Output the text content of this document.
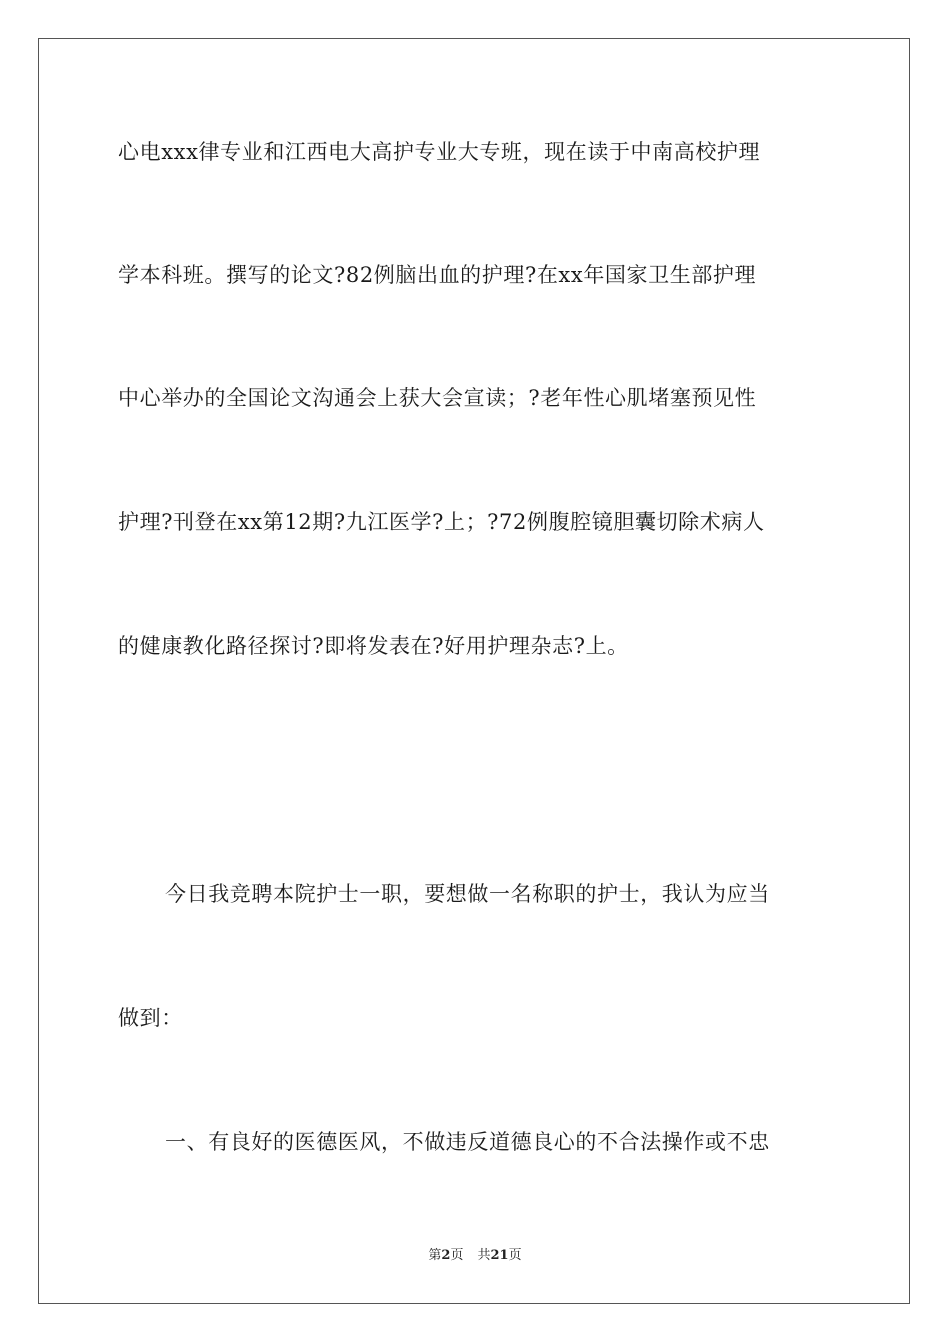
心电xxx律专业和江西电大高护专业大专班，现在读于中南高校护理
学本科班。撰写的论文?82例脑出血的护理?在xx年国家卫生部护理
中心举办的全国论文沟通会上获大会宣读；?老年性心肌堵塞预见性
护理?刊登在xx第12期?九江医学?上；?72例腹腔镜胆囊切除术病人
的健康教化路径探讨?即将发表在?好用护理杂志?上。
今日我竞聘本院护士一职，要想做一名称职的护士，我认为应当
做到：
一、有良好的医德医风，不做违反道德良心的不合法操作或不忠
第2页 共21页
